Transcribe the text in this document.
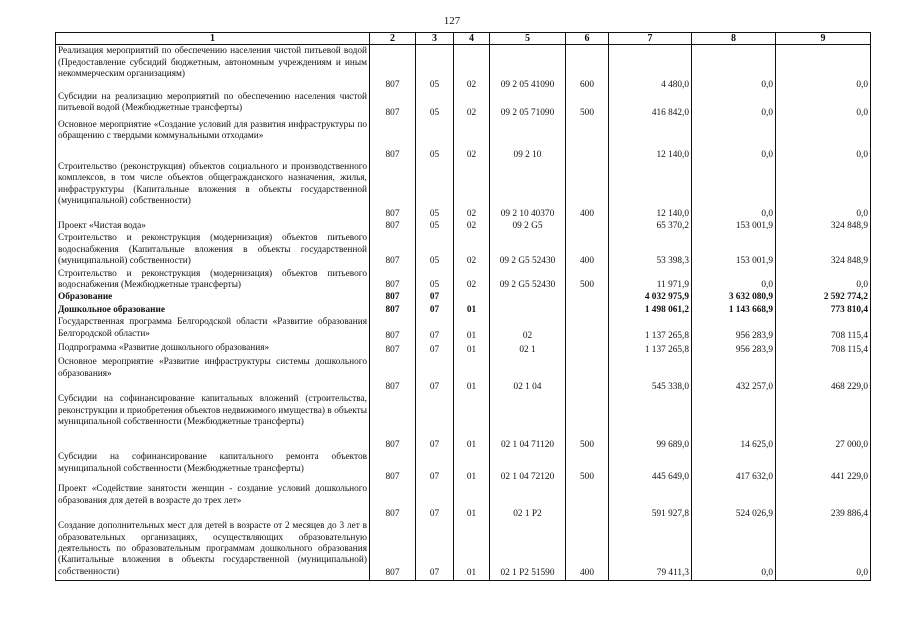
127
1	2	3	4	5	6	7	8	9
Реализация мероприятий по обеспечению населения чистой питьевой водой (Предоставление субсидий бюджетным, автономным учреждениям и иным некоммерческим организациям)	807	05	02	09 2 05 41090	600	4 480,0	0,0	0,0
Субсидии на реализацию мероприятий по обеспечению населения чистой питьевой водой (Межбюджетные трансферты)	807	05	02	09 2 05 71090	500	416 842,0	0,0	0,0
Основное мероприятие «Создание условий для развития инфраструктуры по обращению с твердыми коммунальными отходами»	807	05	02	09 2 10		12 140,0	0,0	0,0
Строительство (реконструкция) объектов социального и производственного комплексов, в том числе объектов общегражданского назначения, жилья, инфраструктуры (Капитальные вложения в объекты государственной (муниципальной) собственности)	807	05	02	09 2 10 40370	400	12 140,0	0,0	0,0
Проект «Чистая вода»	807	05	02	09 2 G5		65 370,2	153 001,9	324 848,9
Строительство и реконструкция (модернизация) объектов питьевого водоснабжения (Капитальные вложения в объекты государственной (муниципальной) собственности)	807	05	02	09 2 G5 52430	400	53 398,3	153 001,9	324 848,9
Строительство и реконструкция (модернизация) объектов питьевого водоснабжения (Межбюджетные трансферты)	807	05	02	09 2 G5 52430	500	11 971,9	0,0	0,0
Образование	807	07				4 032 975,9	3 632 080,9	2 592 774,2
Дошкольное образование	807	07	01			1 498 061,2	1 143 668,9	773 810,4
Государственная программа Белгородской области «Развитие образования Белгородской области»	807	07	01	02		1 137 265,8	956 283,9	708 115,4
Подпрограмма «Развитие дошкольного образования»	807	07	01	02 1		1 137 265,8	956 283,9	708 115,4
Основное мероприятие «Развитие инфраструктуры системы дошкольного образования»	807	07	01	02 1 04		545 338,0	432 257,0	468 229,0
Субсидии на софинансирование капитальных вложений (строительства, реконструкции и приобретения объектов недвижимого имущества) в объекты муниципальной собственности (Межбюджетные трансферты)	807	07	01	02 1 04 71120	500	99 689,0	14 625,0	27 000,0
Субсидии на софинансирование капитального ремонта объектов муниципальной собственности (Межбюджетные трансферты)	807	07	01	02 1 04 72120	500	445 649,0	417 632,0	441 229,0
Проект «Содействие занятости женщин - создание условий дошкольного образования для детей в возрасте до трех лет»	807	07	01	02 1 P2		591 927,8	524 026,9	239 886,4
Создание дополнительных мест для детей в возрасте от 2 месяцев до 3 лет в образовательных организациях, осуществляющих образовательную деятельность по образовательным программам дошкольного образования (Капитальные вложения в объекты государственной (муниципальной) собственности)	807	07	01	02 1 P2 51590	400	79 411,3	0,0	0,0
